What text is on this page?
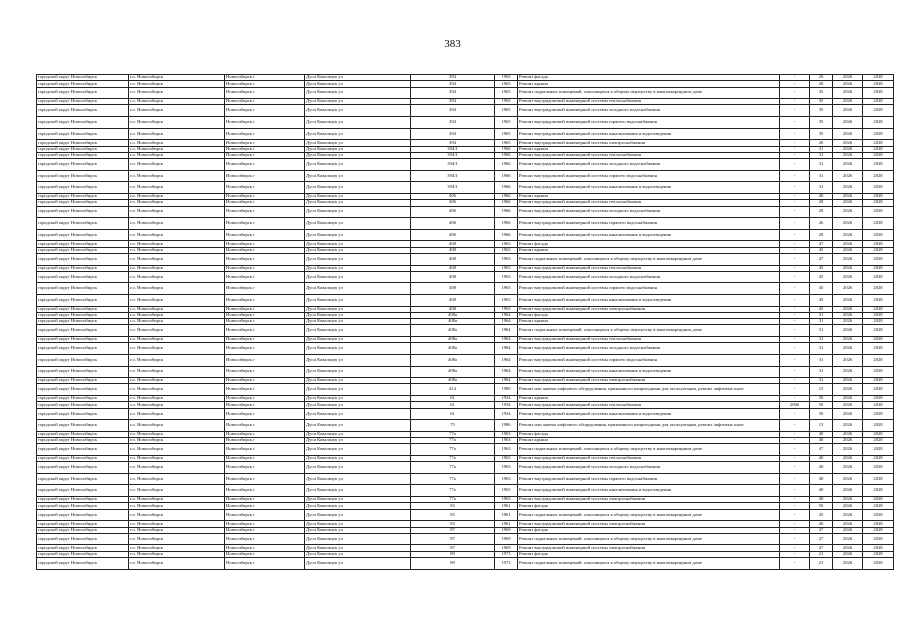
383
городской округ Новосибирск	г.о. Новосибирск	Новосибирск г	Дуси Ковальчук ул	394	1965	Ремонт фасада	-	20	2026	2028
городской округ Новосибирск	г.о. Новосибирск	Новосибирск г	Дуси Ковальчук ул	394	1965	Ремонт крыши	-	20	2026	2028
городской округ Новосибирск	г.о. Новосибирск	Новосибирск г	Дуси Ковальчук ул	394	1965	Ремонт подвальных помещений, относящихся к общему имуществу в многоквартирном доме	-	35	2026	2028
городской округ Новосибирск	г.о. Новосибирск	Новосибирск г	Дуси Ковальчук ул	394	1965	Ремонт внутридомовой инженерной системы теплоснабжения	-	35	2026	2028
городской округ Новосибирск	г.о. Новосибирск	Новосибирск г	Дуси Ковальчук ул	394	1965	Ремонт внутридомовой инженерной системы холодного водоснабжения	-	35	2026	2028
городской округ Новосибирск	г.о. Новосибирск	Новосибирск г	Дуси Ковальчук ул	394	1965	Ремонт внутридомовой инженерной системы горячего водоснабжения	-	35	2026	2028
городской округ Новосибирск	г.о. Новосибирск	Новосибирск г	Дуси Ковальчук ул	394	1965	Ремонт внутридомовой инженерной системы канализования и водоотведения	-	35	2026	2028
городской округ Новосибирск	г.о. Новосибирск	Новосибирск г	Дуси Ковальчук ул	394	1965	Ремонт внутридомовой инженерной системы электроснабжения	-	20	2026	2028
городской округ Новосибирск	г.о. Новосибирск	Новосибирск г	Дуси Ковальчук ул	394/1	1966	Ремонт крыши	-	31	2026	2028
городской округ Новосибирск	г.о. Новосибирск	Новосибирск г	Дуси Ковальчук ул	394/1	1966	Ремонт внутридомовой инженерной системы теплоснабжения	-	31	2026	2028
городской округ Новосибирск	г.о. Новосибирск	Новосибирск г	Дуси Ковальчук ул	394/1	1966	Ремонт внутридомовой инженерной системы холодного водоснабжения	-	31	2026	2028
городской округ Новосибирск	г.о. Новосибирск	Новосибирск г	Дуси Ковальчук ул	394/1	1966	Ремонт внутридомовой инженерной системы горячего водоснабжения	-	31	2026	2028
городской округ Новосибирск	г.о. Новосибирск	Новосибирск г	Дуси Ковальчук ул	394/1	1966	Ремонт внутридомовой инженерной системы канализования и водоотведения	-	31	2026	2028
городской округ Новосибирск	г.о. Новосибирск	Новосибирск г	Дуси Ковальчук ул	406	1966	Ремонт крыши	-	40	2026	2028
городской округ Новосибирск	г.о. Новосибирск	Новосибирск г	Дуси Ковальчук ул	406	1966	Ремонт внутридомовой инженерной системы теплоснабжения	-	28	2026	2028
городской округ Новосибирск	г.о. Новосибирск	Новосибирск г	Дуси Ковальчук ул	406	1966	Ремонт внутридомовой инженерной системы холодного водоснабжения	-	28	2026	2028
городской округ Новосибирск	г.о. Новосибирск	Новосибирск г	Дуси Ковальчук ул	406	1966	Ремонт внутридомовой инженерной системы горячего водоснабжения	-	26	2026	2028
городской округ Новосибирск	г.о. Новосибирск	Новосибирск г	Дуси Ковальчук ул	406	1966	Ремонт внутридомовой инженерной системы канализования и водоотведения	-	28	2026	2028
городской округ Новосибирск	г.о. Новосибирск	Новосибирск г	Дуси Ковальчук ул	408	1963	Ремонт фасада	-	47	2026	2028
городской округ Новосибирск	г.о. Новосибирск	Новосибирск г	Дуси Ковальчук ул	408	1963	Ремонт крыши	-	45	2026	2028
городской округ Новосибирск	г.о. Новосибирск	Новосибирск г	Дуси Ковальчук ул	408	1963	Ремонт подвальных помещений, относящихся к общему имуществу в многоквартирном доме	-	47	2026	2028
городской округ Новосибирск	г.о. Новосибирск	Новосибирск г	Дуси Ковальчук ул	408	1963	Ремонт внутридомовой инженерной системы теплоснабжения	-	45	2026	2028
городской округ Новосибирск	г.о. Новосибирск	Новосибирск г	Дуси Ковальчук ул	408	1963	Ремонт внутридомовой инженерной системы холодного водоснабжения	-	45	2026	2028
городской округ Новосибирск	г.о. Новосибирск	Новосибирск г	Дуси Ковальчук ул	408	1963	Ремонт внутридомовой инженерной системы горячего водоснабжения	-	45	2026	2028
городской округ Новосибирск	г.о. Новосибирск	Новосибирск г	Дуси Ковальчук ул	408	1963	Ремонт внутридомовой инженерной системы канализования и водоотведения	-	45	2026	2028
городской округ Новосибирск	г.о. Новосибирск	Новосибирск г	Дуси Ковальчук ул	408	1963	Ремонт внутридомовой инженерной системы электроснабжения	-	45	2026	2028
городской округ Новосибирск	г.о. Новосибирск	Новосибирск г	Дуси Ковальчук ул	408а	1964	Ремонт фасада	-	31	2026	2028
городской округ Новосибирск	г.о. Новосибирск	Новосибирск г	Дуси Ковальчук ул	408а	1964	Ремонт крыши	-	31	2026	2028
городской округ Новосибирск	г.о. Новосибирск	Новосибирск г	Дуси Ковальчук ул	408а	1964	Ремонт подвальных помещений, относящихся к общему имуществу в многоквартирном доме	-	31	2026	2028
городской округ Новосибирск	г.о. Новосибирск	Новосибирск г	Дуси Ковальчук ул	408а	1964	Ремонт внутридомовой инженерной системы теплоснабжения	-	31	2026	2028
городской округ Новосибирск	г.о. Новосибирск	Новосибирск г	Дуси Ковальчук ул	408а	1964	Ремонт внутридомовой инженерной системы холодного водоснабжения	-	31	2026	2028
городской округ Новосибирск	г.о. Новосибирск	Новосибирск г	Дуси Ковальчук ул	408а	1964	Ремонт внутридомовой инженерной системы горячего водоснабжения	-	31	2026	2028
городской округ Новосибирск	г.о. Новосибирск	Новосибирск г	Дуси Ковальчук ул	408а	1964	Ремонт внутридомовой инженерной системы канализования и водоотведения	-	31	2026	2028
городской округ Новосибирск	г.о. Новосибирск	Новосибирск г	Дуси Ковальчук ул	408а	1964	Ремонт внутридомовой инженерной системы электроснабжения	-	31	2026	2028
городской округ Новосибирск	г.о. Новосибирск	Новосибирск г	Дуси Ковальчук ул	414	1989	Ремонт или замена лифтового оборудования, признанного непригодным для эксплуатации, ремонт лифтовых шахт	-	15	2026	2028
городской округ Новосибирск	г.о. Новосибирск	Новосибирск г	Дуси Ковальчук ул	61	1934	Ремонт крыши	-	50	2026	2028
городской округ Новосибирск	г.о. Новосибирск	Новосибирск г	Дуси Ковальчук ул	61	1934	Ремонт внутридомовой инженерной системы теплоснабжения	2006	50	2026	2028
городской округ Новосибирск	г.о. Новосибирск	Новосибирск г	Дуси Ковальчук ул	61	1934	Ремонт внутридомовой инженерной системы канализования и водоотведения	-	50	2026	2028
городской округ Новосибирск	г.о. Новосибирск	Новосибирск г	Дуси Ковальчук ул	75	1986	Ремонт или замена лифтового оборудования, признанного непригодным для эксплуатации, ремонт лифтовых шахт	-	13	2026	2028
городской округ Новосибирск	г.о. Новосибирск	Новосибирск г	Дуси Ковальчук ул	77а	1963	Ремонт фасада	-	40	2026	2028
городской округ Новосибирск	г.о. Новосибирск	Новосибирск г	Дуси Ковальчук ул	77а	1963	Ремонт крыши	-	40	2026	2028
городской округ Новосибирск	г.о. Новосибирск	Новосибирск г	Дуси Ковальчук ул	77а	1963	Ремонт подвальных помещений, относящихся к общему имуществу в многоквартирном доме	-	47	2026	2028
городской округ Новосибирск	г.о. Новосибирск	Новосибирск г	Дуси Ковальчук ул	77а	1963	Ремонт внутридомовой инженерной системы теплоснабжения	-	40	2026	2028
городской округ Новосибирск	г.о. Новосибирск	Новосибирск г	Дуси Ковальчук ул	77а	1963	Ремонт внутридомовой инженерной системы холодного водоснабжения	-	40	2026	2028
городской округ Новосибирск	г.о. Новосибирск	Новосибирск г	Дуси Ковальчук ул	77а	1963	Ремонт внутридомовой инженерной системы горячего водоснабжения	-	40	2026	2028
городской округ Новосибирск	г.о. Новосибирск	Новосибирск г	Дуси Ковальчук ул	77а	1963	Ремонт внутридомовой инженерной системы канализования и водоотведения	-	40	2026	2028
городской округ Новосибирск	г.о. Новосибирск	Новосибирск г	Дуси Ковальчук ул	77а	1963	Ремонт внутридомовой инженерной системы электроснабжения	-	40	2026	2028
городской округ Новосибирск	г.о. Новосибирск	Новосибирск г	Дуси Ковальчук ул	83	1961	Ремонт фасада	-	50	2026	2028
городской округ Новосибирск	г.о. Новосибирск	Новосибирск г	Дуси Ковальчук ул	83	1961	Ремонт подвальных помещений, относящихся к общему имуществу в многоквартирном доме	-	45	2026	2028
городской округ Новосибирск	г.о. Новосибирск	Новосибирск г	Дуси Ковальчук ул	83	1961	Ремонт внутридомовой инженерной системы электроснабжения	-	40	2026	2028
городской округ Новосибирск	г.о. Новосибирск	Новосибирск г	Дуси Ковальчук ул	87	1969	Ремонт фасада	-	27	2026	2028
городской округ Новосибирск	г.о. Новосибирск	Новосибирск г	Дуси Ковальчук ул	87	1969	Ремонт подвальных помещений, относящихся к общему имуществу в многоквартирном доме	-	27	2026	2028
городской округ Новосибирск	г.о. Новосибирск	Новосибирск г	Дуси Ковальчук ул	87	1969	Ремонт внутридомовой инженерной системы электроснабжения	-	27	2026	2028
городской округ Новосибирск	г.о. Новосибирск	Новосибирск г	Дуси Ковальчук ул	89	1973	Ремонт фасада	-	21	2026	2028
городской округ Новосибирск	г.о. Новосибирск	Новосибирск г	Дуси Ковальчук ул	89	1973	Ремонт подвальных помещений, относящихся к общему имуществу в многоквартирном доме	-	21	2026	2028
